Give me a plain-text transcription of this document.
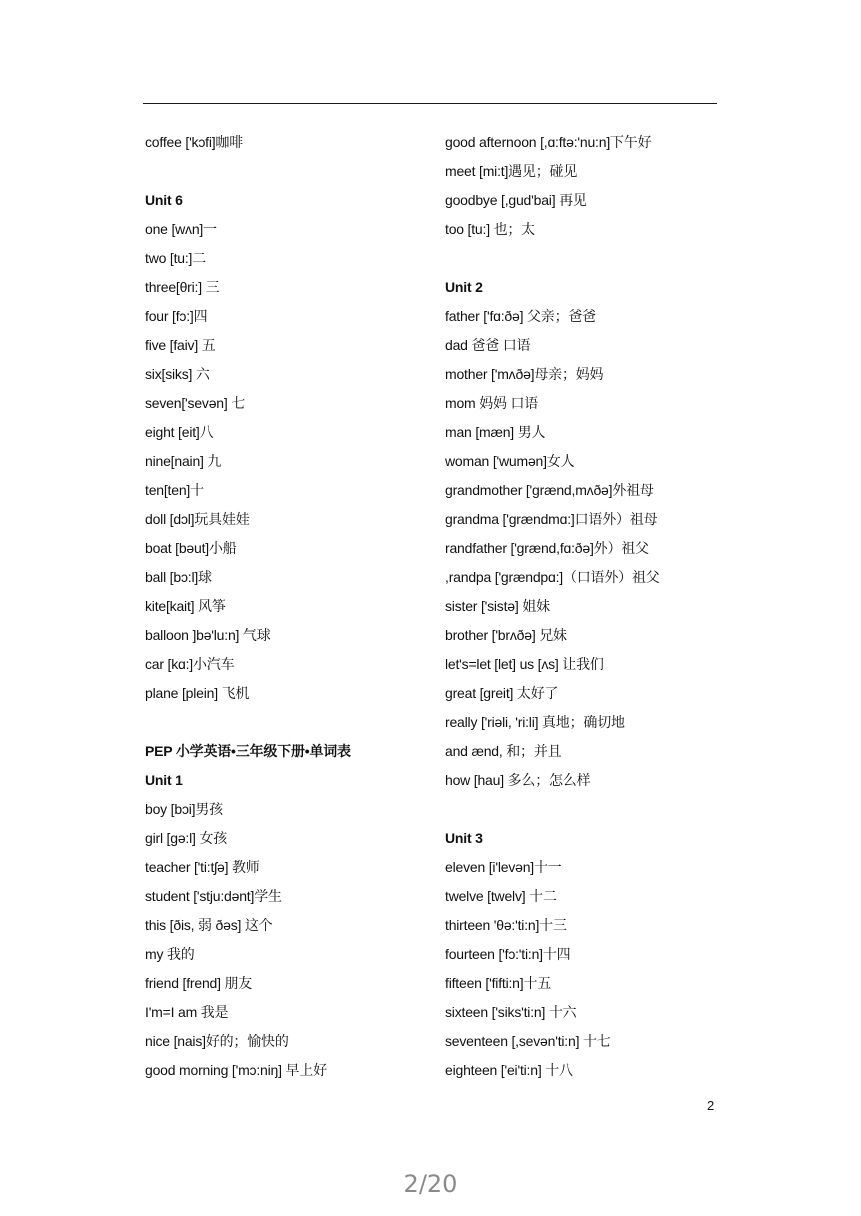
coffee ['kɔfi]咖啡
Unit 6
one [wʌn]一
two [tu:]二
three[θri:] 三
four [fɔ:]四
five [faiv] 五
six[siks] 六
seven['sevən] 七
eight [eit]八
nine[nain] 九
ten[ten]十
doll [dɔl]玩具娃娃
boat [bəut]小船
ball [bɔ:l]球
kite[kait] 风筝
balloon ]bə'lu:n] 气球
car [kɑ:]小汽车
plane [plein] 飞机
PEP 小学英语•三年级下册•单词表
Unit 1
boy [bɔi]男孩
girl [gə:l] 女孩
teacher ['ti:tʃə] 教师
student ['stju:dənt]学生
this [ðis, 弱 ðəs] 这个
my 我的
friend [frend] 朋友
I'm=I am 我是
nice [nais]好的；愉快的
good morning ['mɔ:niŋ] 早上好
good afternoon [,ɑ:ftə:'nu:n]下午好
meet [mi:t]遇见；碰见
goodbye [,gud'bai] 再见
too [tu:] 也；太
Unit 2
father ['fɑ:ðə] 父亲；爸爸
dad 爸爸 口语
mother ['mʌðə]母亲；妈妈
mom 妈妈 口语
man [mæn] 男人
woman ['wumən]女人
grandmother ['grænd,mʌðə]外祖母
grandma ['grændmɑ:]口语外）祖母
randfather ['grænd,fɑ:ðə]外）祖父
,randpa ['grændpɑ:]（口语外）祖父
sister ['sistə] 姐妹
brother ['brʌðə] 兄妹
let's=let [let] us [ʌs] 让我们
great [greit] 太好了
really ['riəli, 'ri:li] 真地；确切地
and ænd, 和；并且
how [hau] 多么；怎么样
Unit 3
eleven [i'levən]十一
twelve [twelv] 十二
thirteen 'θə:'ti:n]十三
fourteen ['fɔ:'ti:n]十四
fifteen ['fifti:n]十五
sixteen ['siks'ti:n] 十六
seventeen [,sevən'ti:n] 十七
eighteen ['ei'ti:n] 十八
2
2/20
